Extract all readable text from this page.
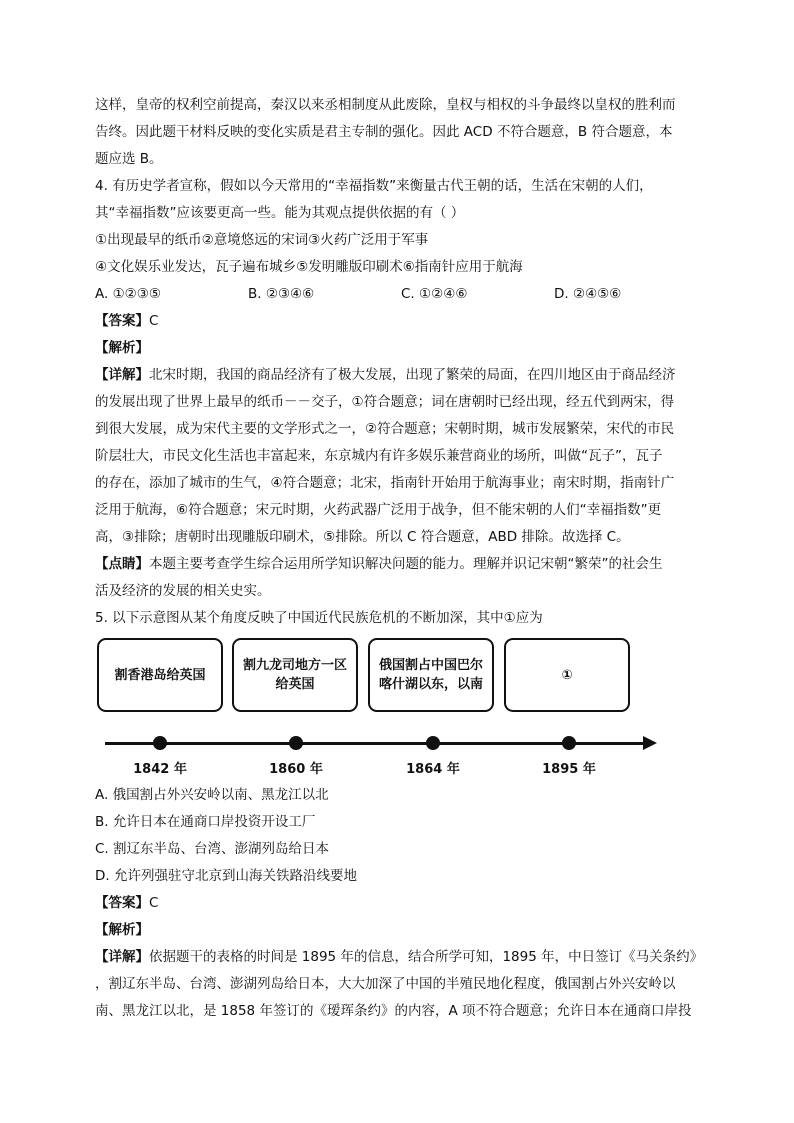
这样，皇帝的权利空前提高，秦汉以来丞相制度从此废除，皇权与相权的斗争最终以皇权的胜利而

告终。因此题干材料反映的变化实质是君主专制的强化。因此 ACD 不符合题意，B 符合题意，本

题应选 B。

4. 有历史学者宣称，假如以今天常用的“幸福指数”来衡量古代王朝的话，生活在宋朝的人们，

其“幸福指数”应该要更高一些。能为其观点提供依据的有（ ）

①出现最早的纸币②意境悠远的宋词③火药广泛用于军事

④文化娱乐业发达，瓦子遍布城乡⑤发明雕版印刷术⑥指南针应用于航海

A. ①②③⑤	B. ②③④⑥	C. ①②④⑥	D. ②④⑤⑥

【答案】C

【解析】

【详解】北宋时期，我国的商品经济有了极大发展，出现了繁荣的局面，在四川地区由于商品经济

的发展出现了世界上最早的纸币－－交子，①符合题意；词在唐朝时已经出现，经五代到两宋，得

到很大发展，成为宋代主要的文学形式之一，②符合题意；宋朝时期，城市发展繁荣，宋代的市民

阶层壮大，市民文化生活也丰富起来，东京城内有许多娱乐兼营商业的场所，叫做“瓦子”，瓦子

的存在，添加了城市的生气，④符合题意；北宋，指南针开始用于航海事业；南宋时期，指南针广

泛用于航海，⑥符合题意；宋元时期，火药武器广泛用于战争，但不能宋朝的人们“幸福指数”更

高，③排除；唐朝时出现雕版印刷术，⑤排除。所以 C 符合题意，ABD 排除。故选择 C。

【点睛】本题主要考查学生综合运用所学知识解决问题的能力。理解并识记宋朝“繁荣”的社会生

活及经济的发展的相关史实。

5. 以下示意图从某个角度反映了中国近代民族危机的不断加深，其中①应为

割香港岛给英国
割九龙司地方一区给英国
俄国割占中国巴尔喀什湖以东，以南
①
1842 年	1860 年	1864 年	1895 年

A. 俄国割占外兴安岭以南、黑龙江以北

B. 允许日本在通商口岸投资开设工厂

C. 割辽东半岛、台湾、澎湖列岛给日本

D. 允许列强驻守北京到山海关铁路沿线要地

【答案】C

【解析】

【详解】依据题干的表格的时间是 1895 年的信息，结合所学可知，1895 年，中日签订《马关条约》

，割辽东半岛、台湾、澎湖列岛给日本，大大加深了中国的半殖民地化程度，俄国割占外兴安岭以

南、黑龙江以北，是 1858 年签订的《瑷珲条约》的内容，A 项不符合题意；允许日本在通商口岸投
